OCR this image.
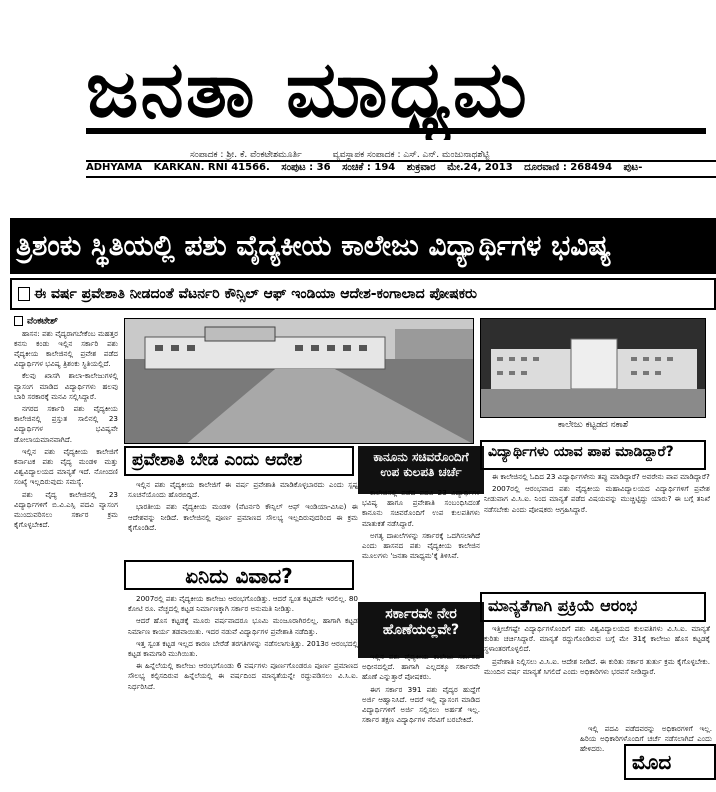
ಜನತಾ ಮಾಧ್ಯಮ
ಸಂಪಾದಕ : ಶ್ರೀ. ಕೆ. ವೆಂಕಟೇಶಮೂರ್ತಿ	ವ್ಯವಸ್ಥಾಪಕ ಸಂಪಾದಕ : ಎಸ್. ಎನ್. ಮಂಜುನಾಥಶೆಟ್ಟಿ
ADHYAMA KARKAN. RNI 41566. ಸಂಪುಟ : 36 ಸಂಚಿಕೆ : 194 ಶುಕ್ರವಾರ ಮೇ.24, 2013 ದೂರವಾಣಿ : 268494 ಪುಟ-
ತ್ರಿಶಂಕು ಸ್ಥಿತಿಯಲ್ಲಿ ಪಶು ವೈದ್ಯಕೀಯ ಕಾಲೇಜು ವಿದ್ಯಾರ್ಥಿಗಳ ಭವಿಷ್ಯ
ಈ ವರ್ಷ ಪ್ರವೇಶಾತಿ ನೀಡದಂತೆ ವೆಟರ್ನರಿ ಕೌನ್ಸಿಲ್ ಆಫ್ ಇಂಡಿಯಾ ಆದೇಶ-ಕಂಗಾಲಾದ ಪೋಷಕರು
ವೆಂಕಟೇಶ್

ಹಾಸನ: ಪಶು ವೈದ್ಯರಾಗಬೇಕೆಂಬ ಮಹತ್ತರ ಕನಸು ಕಂಡು ಇಲ್ಲಿನ ಸರ್ಕಾರಿ ಪಶು ವೈದ್ಯಕೀಯ ಕಾಲೇಜಿನಲ್ಲಿ ಪ್ರವೇಶ ಪಡೆದ ವಿದ್ಯಾರ್ಥಿಗಳ ಭವಿಷ್ಯ ತ್ರಿಶಂಕು ಸ್ಥಿತಿಯಲ್ಲಿದೆ.

ಕೆಲವು ಖಾಸಗಿ ಶಾಲಾ-ಕಾಲೇಜುಗಳಲ್ಲಿ ವ್ಯಾಸಂಗ ಮಾಡಿದ ವಿದ್ಯಾರ್ಥಿಗಳು ಹಲವು ಬಾರಿ ಸರಕಾರಕ್ಕೆ ಮನವಿ ಸಲ್ಲಿಸಿದ್ದಾರೆ.

ನಗರದ ಸರ್ಕಾರಿ ಪಶು ವೈದ್ಯಕೀಯ ಕಾಲೇಜಿನಲ್ಲಿ ಪ್ರಸ್ತುತ ಸಾಲಿನಲ್ಲಿ 23 ವಿದ್ಯಾರ್ಥಿಗಳ ಭವಿಷ್ಯವೇ ಡೋಲಾಯಮಾನವಾಗಿದೆ.

ಇಲ್ಲಿನ ಪಶು ವೈದ್ಯಕೀಯ ಕಾಲೇಜಿಗೆ ಕರ್ನಾಟಕ ಪಶು ವೈದ್ಯ ಮಂಡಳಿ ಮತ್ತು ವಿಶ್ವವಿದ್ಯಾಲಯದ ಮಾನ್ಯತೆ ಇದೆ. ನೋಂದಣಿ ಸಂಖ್ಯೆ ಇಲ್ಲದಿರುವುದು ಸಮಸ್ಯೆ.

ಪಶು ವೈದ್ಯ ಕಾಲೇಜಿನಲ್ಲಿ 23 ವಿದ್ಯಾರ್ಥಿಗಳಿಗೆ ಬಿ.ವಿ.ಎಸ್ಸಿ ಪದವಿ ವ್ಯಾಸಂಗ ಮುಂದುವರಿಸಲು ಸರ್ಕಾರ ಕ್ರಮ ಕೈಗೊಳ್ಳಬೇಕಿದೆ.

ಕಾಲೇಜು ಕಟ್ಟಡದ ನಕಾಶೆ
ಪ್ರವೇಶಾತಿ ಬೇಡ ಎಂದು ಆದೇಶ

ಇಲ್ಲಿನ ಪಶು ವೈದ್ಯಕೀಯ ಕಾಲೇಜಿಗೆ ಈ ವರ್ಷ ಪ್ರವೇಶಾತಿ ಮಾಡಿಕೊಳ್ಳಬಾರದು ಎಂದು ಸ್ಪಷ್ಟ ಸೂಚನೆಯೊಂದು ಹೊರಬಿದ್ದಿದೆ.

ಭಾರತೀಯ ಪಶು ವೈದ್ಯಕೀಯ ಮಂಡಳಿ (ವೆಟರ್ನರಿ ಕೌನ್ಸಿಲ್ ಆಫ್ ಇಂಡಿಯಾ-ವಿಸಿಐ) ಈ ಆದೇಶವನ್ನು ನೀಡಿದೆ. ಕಾಲೇಜಿನಲ್ಲಿ ಪೂರ್ಣ ಪ್ರಮಾಣದ ಸೌಲಭ್ಯ ಇಲ್ಲದಿರುವುದರಿಂದ ಈ ಕ್ರಮ ಕೈಗೊಂಡಿದೆ.

ಏನಿದು ವಿವಾದ?

2007ರಲ್ಲಿ ಪಶು ವೈದ್ಯಕೀಯ ಕಾಲೇಜು ಆರಂಭಗೊಂಡಿತ್ತು. ಆದರೆ ಸ್ವಂತ ಕಟ್ಟಡವೇ ಇರಲಿಲ್ಲ. 80 ಕೋಟಿ ರೂ. ವೆಚ್ಚದಲ್ಲಿ ಕಟ್ಟಡ ನಿರ್ಮಾಣಕ್ಕಾಗಿ ಸರ್ಕಾರ ಅನುಮತಿ ನೀಡಿತ್ತು.

ಆದರೆ ಹೊಸ ಕಟ್ಟಡಕ್ಕೆ ಮೂರು ವರ್ಷವಾದರೂ ಭೂಮಿ ಮಂಜೂರಾಗಿರಲಿಲ್ಲ. ಹಾಗಾಗಿ ಕಟ್ಟಡ ನಿರ್ಮಾಣ ಕಾರ್ಯ ತಡವಾಯಿತು. ಇದರ ನಡುವೆ ವಿದ್ಯಾರ್ಥಿಗಳ ಪ್ರವೇಶಾತಿ ನಡೆದಿತ್ತು.

ಇತ್ತ ಸ್ವಂತ ಕಟ್ಟಡ ಇಲ್ಲದ ಕಾರಣ ಬೇರೆಡೆ ತರಗತಿಗಳನ್ನು ನಡೆಸಲಾಗುತ್ತಿತ್ತು. 2013ರ ಆರಂಭದಲ್ಲಿ ಕಟ್ಟಡ ಕಾಮಗಾರಿ ಮುಗಿಯಿತು.

ಈ ಹಿನ್ನೆಲೆಯಲ್ಲಿ ಕಾಲೇಜು ಆರಂಭಗೊಂಡು 6 ವರ್ಷಗಳು ಪೂರ್ಣಗೊಂಡರೂ ಪೂರ್ಣ ಪ್ರಮಾಣದ ಸೌಲಭ್ಯ ಕಲ್ಪಿಸದಿರುವ ಹಿನ್ನೆಲೆಯಲ್ಲಿ ಈ ವರ್ಷದಿಂದ ಮಾನ್ಯತೆಯನ್ನೇ ರದ್ದುಪಡಿಸಲು ವಿ.ಸಿ.ಐ. ನಿರ್ಧರಿಸಿದೆ.

ಕಾನೂನು ಸಚಿವರೊಂದಿಗೆ ಉಪ ಕುಲಪತಿ ಚರ್ಚೆ

ಕಾಲೇಜಿನಲ್ಲಿ ಪಡೆದ ಪದವಿ 23 ವಿದ್ಯಾರ್ಥಿಗಳ ಭವಿಷ್ಯ ಹಾಗೂ ಪ್ರವೇಶಾತಿ ಸಂಬಂಧಿಸಿದಂತೆ ಕಾನೂನು ಸಚಿವರೊಂದಿಗೆ ಉಪ ಕುಲಪತಿಗಳು ಮಾತುಕತೆ ನಡೆಸಿದ್ದಾರೆ.

ಅಗತ್ಯ ದಾಖಲೆಗಳನ್ನು ಸರ್ಕಾರಕ್ಕೆ ಒದಗಿಸಲಾಗಿದೆ ಎಂದು ಹಾಸನದ ಪಶು ವೈದ್ಯಕೀಯ ಕಾಲೇಜಿನ ಮೂಲಗಳು 'ಜನತಾ ಮಾಧ್ಯಮ'ಕ್ಕೆ ತಿಳಿಸಿವೆ.

ಸರ್ಕಾರವೇ ನೇರ ಹೊಣೆಯಲ್ಲವೇ?

ಇಲ್ಲಿನ ಪಶು ವೈದ್ಯಕೀಯ ಕಾಲೇಜು ಸರ್ಕಾರದ ಅಧೀನದಲ್ಲಿದೆ. ಹಾಗಾಗಿ ಎಲ್ಲದಕ್ಕೂ ಸರ್ಕಾರವೇ ಹೊಣೆ ಎನ್ನುತ್ತಾರೆ ಪೋಷಕರು.

ಈಗ ಸರ್ಕಾರ 391 ಪಶು ವೈದ್ಯರ ಹುದ್ದೆಗೆ ಅರ್ಜಿ ಆಹ್ವಾನಿಸಿದೆ. ಆದರೆ ಇಲ್ಲಿ ವ್ಯಾಸಂಗ ಮಾಡಿದ ವಿದ್ಯಾರ್ಥಿಗಳಿಗೆ ಅರ್ಜಿ ಸಲ್ಲಿಸಲು ಅರ್ಹತೆ ಇಲ್ಲ. ಸರ್ಕಾರ ತಕ್ಷಣ ವಿದ್ಯಾರ್ಥಿಗಳ ನೆರವಿಗೆ ಬರಬೇಕಿದೆ.

ವಿದ್ಯಾರ್ಥಿಗಳು ಯಾವ ಪಾಪ ಮಾಡಿದ್ದಾರೆ?

ಈ ಕಾಲೇಜಿನಲ್ಲಿ ಓದಿದ 23 ವಿದ್ಯಾರ್ಥಿಗಳೇನು ತಪ್ಪು ಮಾಡಿದ್ದಾರೆ? ಅವರೇನು ಪಾಪ ಮಾಡಿದ್ದಾರೆ?

2007ರಲ್ಲಿ ಆರಂಭವಾದ ಪಶು ವೈದ್ಯಕೀಯ ಮಹಾವಿದ್ಯಾಲಯದ ವಿದ್ಯಾರ್ಥಿಗಳಿಗೆ ಪ್ರವೇಶ ನೀಡುವಾಗ ವಿ.ಸಿ.ಐ. ನಿಂದ ಮಾನ್ಯತೆ ಪಡೆದ ವಿಷಯವನ್ನು ಮುಚ್ಚಿಟ್ಟಿದ್ದು ಯಾರು? ಈ ಬಗ್ಗೆ ತನಿಖೆ ನಡೆಸಬೇಕು ಎಂದು ಪೋಷಕರು ಆಗ್ರಹಿಸಿದ್ದಾರೆ.

ಮಾನ್ಯತೆಗಾಗಿ ಪ್ರಕ್ರಿಯೆ ಆರಂಭ

ಇತ್ತೀಚೆಗಷ್ಟೇ ವಿದ್ಯಾರ್ಥಿಗಳೊಂದಿಗೆ ಪಶು ವಿಶ್ವವಿದ್ಯಾಲಯದ ಕುಲಪತಿಗಳು ವಿ.ಸಿ.ಐ. ಮಾನ್ಯತೆ ಕುರಿತು ಚರ್ಚಿಸಿದ್ದಾರೆ. ಮಾನ್ಯತೆ ರದ್ದುಗೊಂಡಿರುವ ಬಗ್ಗೆ ಮೇ 31ಕ್ಕೆ ಕಾಲೇಜು ಹೊಸ ಕಟ್ಟಡಕ್ಕೆ ಸ್ಥಳಾಂತರಗೊಳ್ಳಲಿದೆ.

ಪ್ರವೇಶಾತಿ ನಿಲ್ಲಿಸಲು ವಿ.ಸಿ.ಐ. ಆದೇಶ ನೀಡಿದೆ. ಈ ಕುರಿತು ಸರ್ಕಾರ ತುರ್ತು ಕ್ರಮ ಕೈಗೊಳ್ಳಬೇಕು. ಮುಂದಿನ ವರ್ಷ ಮಾನ್ಯತೆ ಸಿಗಲಿದೆ ಎಂದು ಅಧಿಕಾರಿಗಳು ಭರವಸೆ ನೀಡಿದ್ದಾರೆ.

ಇಲ್ಲಿ ಪದವಿ ಪಡೆದವರನ್ನು ಅಧಿಕಾರಗಳಿಗೆ ಇಲ್ಲ. ಹಿರಿಯ ಅಧಿಕಾರಿಗಳೊಂದಿಗೆ ಚರ್ಚೆ ನಡೆಸಲಾಗಿದೆ ಎಂದು ಹೇಳಿದರು.

ಮೊದ
